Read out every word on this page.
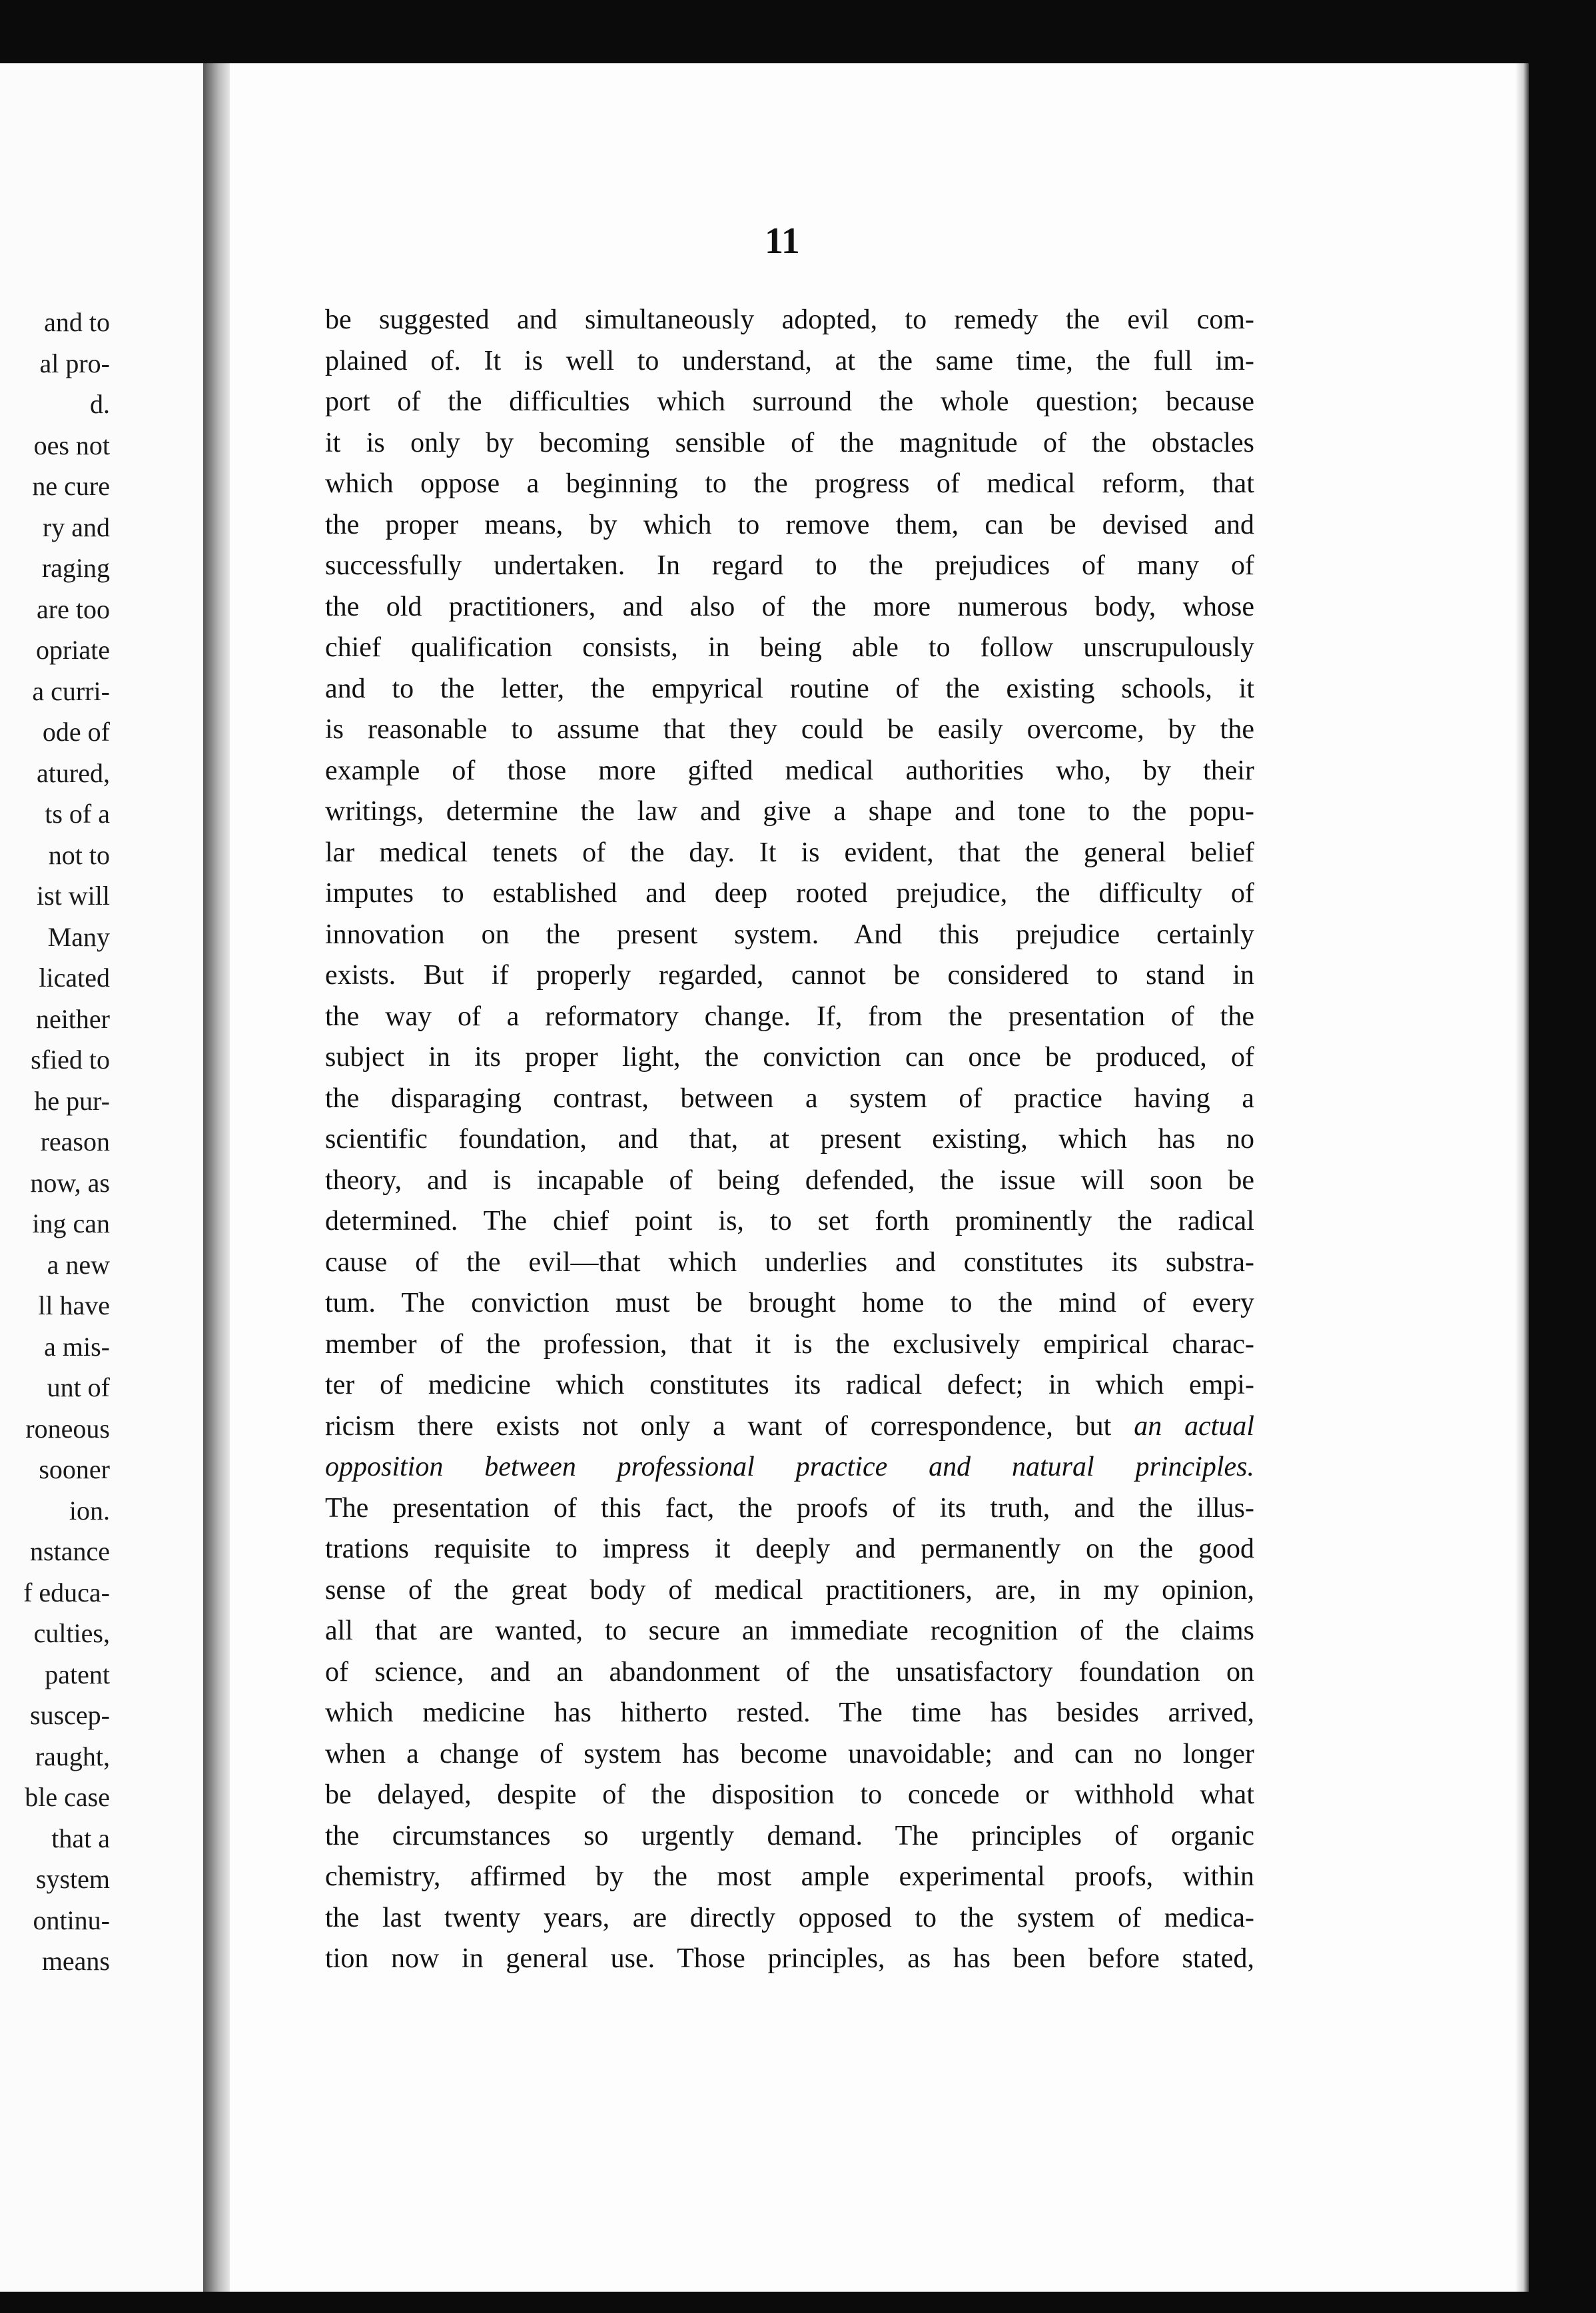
and to
al pro-
d.
oes not
ne cure
ry and
raging
are too
opriate
a curri-
ode of
atured,
ts of a
not to
ist will
Many
licated
neither
sfied to
he pur-
reason
now, as
ing can
a new
ll have
a mis-
unt of
roneous
sooner
ion.
nstance
f educa-
culties,
patent
suscep-
raught,
ble case
that a
system
ontinu-
means
11
be suggested and simultaneously adopted, to remedy the evil com-
plained of. It is well to understand, at the same time, the full im-
port of the difficulties which surround the whole question; because
it is only by becoming sensible of the magnitude of the obstacles
which oppose a beginning to the progress of medical reform, that
the proper means, by which to remove them, can be devised and
successfully undertaken. In regard to the prejudices of many of
the old practitioners, and also of the more numerous body, whose
chief qualification consists, in being able to follow unscrupulously
and to the letter, the empyrical routine of the existing schools, it
is reasonable to assume that they could be easily overcome, by the
example of those more gifted medical authorities who, by their
writings, determine the law and give a shape and tone to the popu-
lar medical tenets of the day. It is evident, that the general belief
imputes to established and deep rooted prejudice, the difficulty of
innovation on the present system. And this prejudice certainly
exists. But if properly regarded, cannot be considered to stand in
the way of a reformatory change. If, from the presentation of the
subject in its proper light, the conviction can once be produced, of
the disparaging contrast, between a system of practice having a
scientific foundation, and that, at present existing, which has no
theory, and is incapable of being defended, the issue will soon be
determined. The chief point is, to set forth prominently the radical
cause of the evil—that which underlies and constitutes its substra-
tum. The conviction must be brought home to the mind of every
member of the profession, that it is the exclusively empirical charac-
ter of medicine which constitutes its radical defect; in which empi-
ricism there exists not only a want of correspondence, but an actual
opposition between professional practice and natural principles.
The presentation of this fact, the proofs of its truth, and the illus-
trations requisite to impress it deeply and permanently on the good
sense of the great body of medical practitioners, are, in my opinion,
all that are wanted, to secure an immediate recognition of the claims
of science, and an abandonment of the unsatisfactory foundation on
which medicine has hitherto rested. The time has besides arrived,
when a change of system has become unavoidable; and can no longer
be delayed, despite of the disposition to concede or withhold what
the circumstances so urgently demand. The principles of organic
chemistry, affirmed by the most ample experimental proofs, within
the last twenty years, are directly opposed to the system of medica-
tion now in general use. Those principles, as has been before stated,
